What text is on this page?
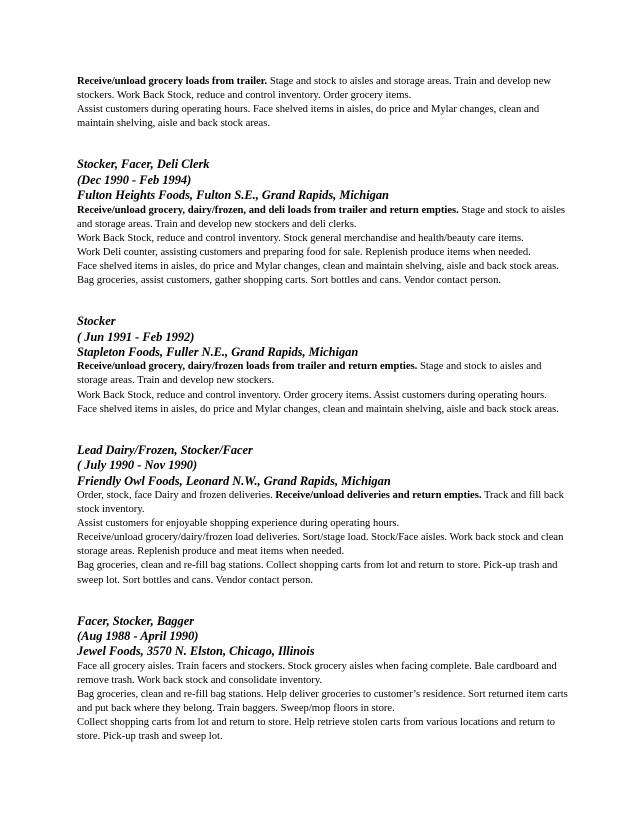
Receive/unload grocery loads from trailer. Stage and stock to aisles and storage areas. Train and develop new stockers. Work Back Stock, reduce and control inventory. Order grocery items.

Assist customers during operating hours. Face shelved items in aisles, do price and Mylar changes, clean and maintain shelving, aisle and back stock areas.

Stocker, Facer, Deli Clerk

(Dec 1990 - Feb 1994)

Fulton Heights Foods, Fulton S.E., Grand Rapids, Michigan

Receive/unload grocery, dairy/frozen, and deli loads from trailer and return empties. Stage and stock to aisles and storage areas. Train and develop new stockers and deli clerks.

Work Back Stock, reduce and control inventory. Stock general merchandise and health/beauty care items.

Work Deli counter, assisting customers and preparing food for sale. Replenish produce items when needed.

Face shelved items in aisles, do price and Mylar changes, clean and maintain shelving, aisle and back stock areas.

Bag groceries, assist customers, gather shopping carts. Sort bottles and cans. Vendor contact person.

Stocker

( Jun 1991 - Feb 1992)

Stapleton Foods, Fuller N.E., Grand Rapids, Michigan

Receive/unload grocery, dairy/frozen loads from trailer and return empties. Stage and stock to aisles and storage areas. Train and develop new stockers.

Work Back Stock, reduce and control inventory. Order grocery items. Assist customers during operating hours.

Face shelved items in aisles, do price and Mylar changes, clean and maintain shelving, aisle and back stock areas.

Lead Dairy/Frozen, Stocker/Facer

( July 1990 - Nov 1990)

Friendly Owl Foods, Leonard N.W., Grand Rapids, Michigan

Order, stock, face Dairy and frozen deliveries. Receive/unload deliveries and return empties. Track and fill back stock inventory.

Assist customers for enjoyable shopping experience during operating hours.

Receive/unload grocery/dairy/frozen load deliveries. Sort/stage load. Stock/Face aisles. Work back stock and clean storage areas. Replenish produce and meat items when needed.

Bag groceries, clean and re-fill bag stations. Collect shopping carts from lot and return to store. Pick-up trash and sweep lot. Sort bottles and cans. Vendor contact person.

Facer, Stocker, Bagger

(Aug 1988 - April 1990)

Jewel Foods, 3570 N. Elston, Chicago, Illinois

Face all grocery aisles. Train facers and stockers. Stock grocery aisles when facing complete. Bale cardboard and remove trash. Work back stock and consolidate inventory.

Bag groceries, clean and re-fill bag stations. Help deliver groceries to customer’s residence. Sort returned item carts and put back where they belong. Train baggers. Sweep/mop floors in store.

Collect shopping carts from lot and return to store. Help retrieve stolen carts from various locations and return to store. Pick-up trash and sweep lot.
